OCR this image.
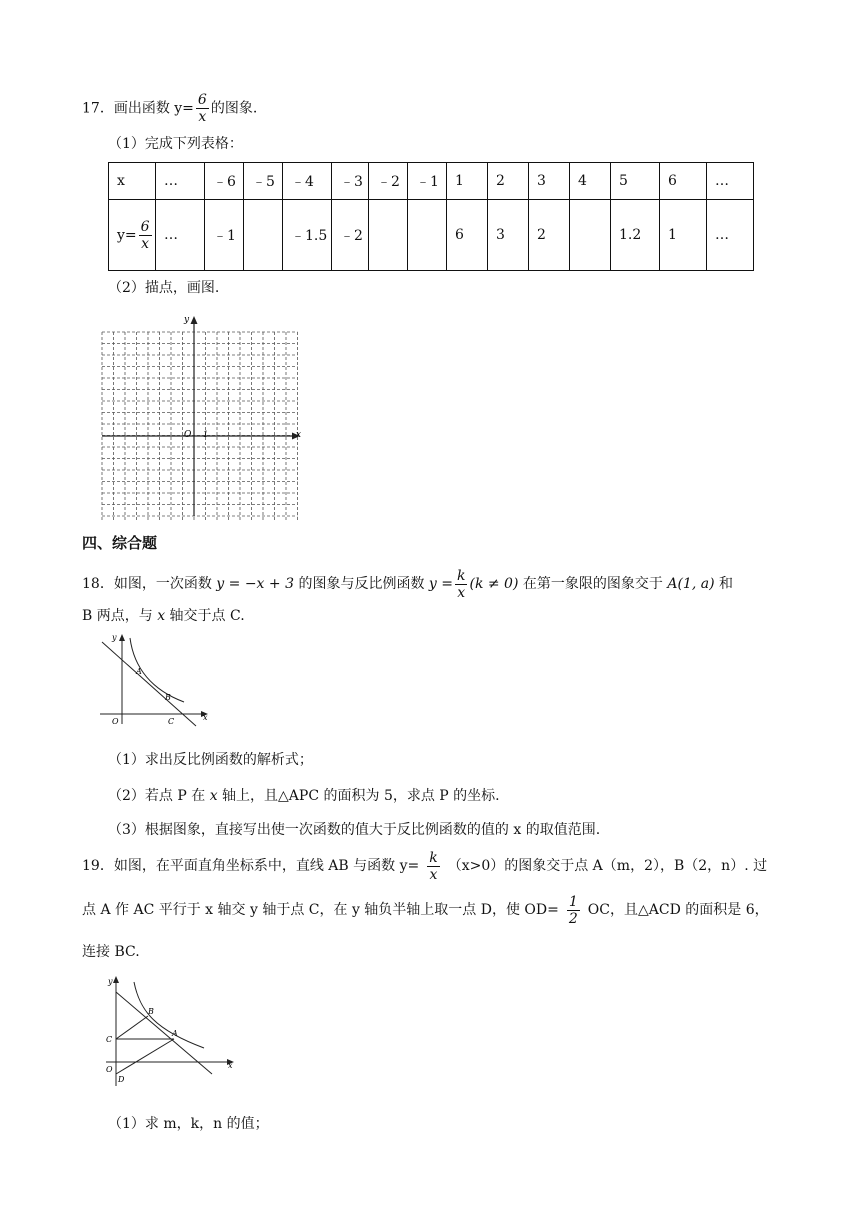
17．画出函数 $y= \frac{6}{x}$ 的图象.
（1）完成下列表格：
x	…	﹣6	﹣5	﹣4	﹣3	﹣2	﹣1	1	2	3	4	5	6	…
$y= \frac{6}{x}$	…	﹣1		﹣1.5	﹣2			6	3	2		1.2	1	…
（2）描点，画图.
y
x
O 1
四、综合题
18．如图，一次函数 y = −x + 3 的图象与反比例函数 $y = \frac{k}{x} (k \ne 0)$ 在第一象限的图象交于 A(1, a) 和
B 两点，与 x 轴交于点 C.
y
x
O
A
B
C
（1）求出反比例函数的解析式；
（2）若点 P 在 x 轴上，且△APC 的面积为 5，求点 P 的坐标.
（3）根据图象，直接写出使一次函数的值大于反比例函数的值的 x 的取值范围.
19．如图，在平面直角坐标系中，直线 AB 与函数 $y= \frac{k}{x} (x>0)$的图象交于点 A（m，2），B（2，n）. 过
点 A 作 AC 平行于 x 轴交 y 轴于点 C，在 y 轴负半轴上取一点 D，使 $OD= \frac{1}{2}$ OC，且△ACD 的面积是 6，
连接 BC.
y
x
O
C
B
A
D
（1）求 m，k，n 的值；
